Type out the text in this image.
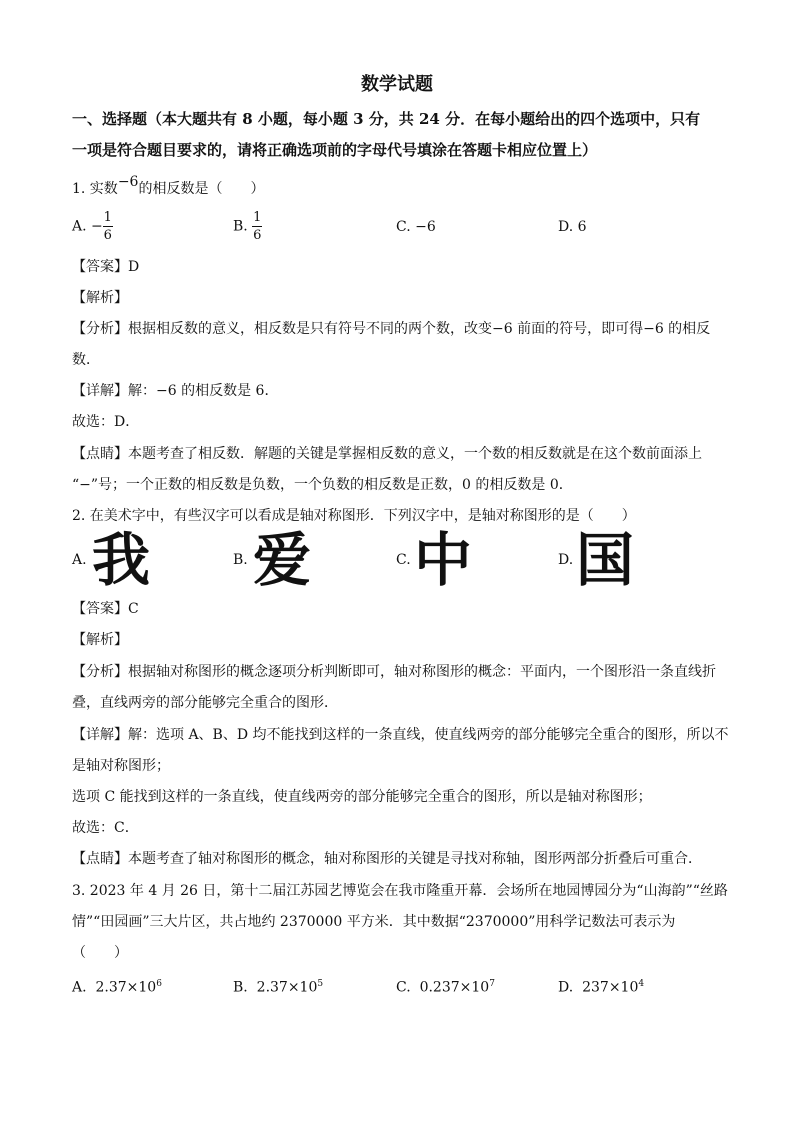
数学试题
一、选择题（本大题共有 8 小题，每小题 3 分，共 24 分．在每小题给出的四个选项中，只有
一项是符合题目要求的，请将正确选项前的字母代号填涂在答题卡相应位置上）
1. 实数−6的相反数是（　　）
A. − $\frac{1}{6}$	B. $\frac{1}{6}$	C. −6	D. 6
【答案】D
【解析】
【分析】根据相反数的意义，相反数是只有符号不同的两个数，改变−6 前面的符号，即可得−6 的相反
数．
【详解】解：−6 的相反数是 6．
故选：D．
【点睛】本题考查了相反数．解题的关键是掌握相反数的意义，一个数的相反数就是在这个数前面添上
“−”号；一个正数的相反数是负数，一个负数的相反数是正数，0 的相反数是 0．
2. 在美术字中，有些汉字可以看成是轴对称图形．下列汉字中，是轴对称图形的是（　　）
A. 我	B. 爱	C. 中	D. 国
【答案】C
【解析】
【分析】根据轴对称图形的概念逐项分析判断即可，轴对称图形的概念：平面内，一个图形沿一条直线折
叠，直线两旁的部分能够完全重合的图形．
【详解】解：选项 A、B、D 均不能找到这样的一条直线，使直线两旁的部分能够完全重合的图形，所以不
是轴对称图形；
选项 C 能找到这样的一条直线，使直线两旁的部分能够完全重合的图形，所以是轴对称图形；
故选：C．
【点睛】本题考查了轴对称图形的概念，轴对称图形的关键是寻找对称轴，图形两部分折叠后可重合．
3. 2023 年 4 月 26 日，第十二届江苏园艺博览会在我市隆重开幕．会场所在地园博园分为“山海韵”“丝路
情”“田园画”三大片区，共占地约 2370000 平方米．其中数据“2370000”用科学记数法可表示为
（　　）
A. $2.37\times 10^6$	B. $2.37\times 10^5$	C. $0.237\times 10^7$	D. $237\times 10^4$
